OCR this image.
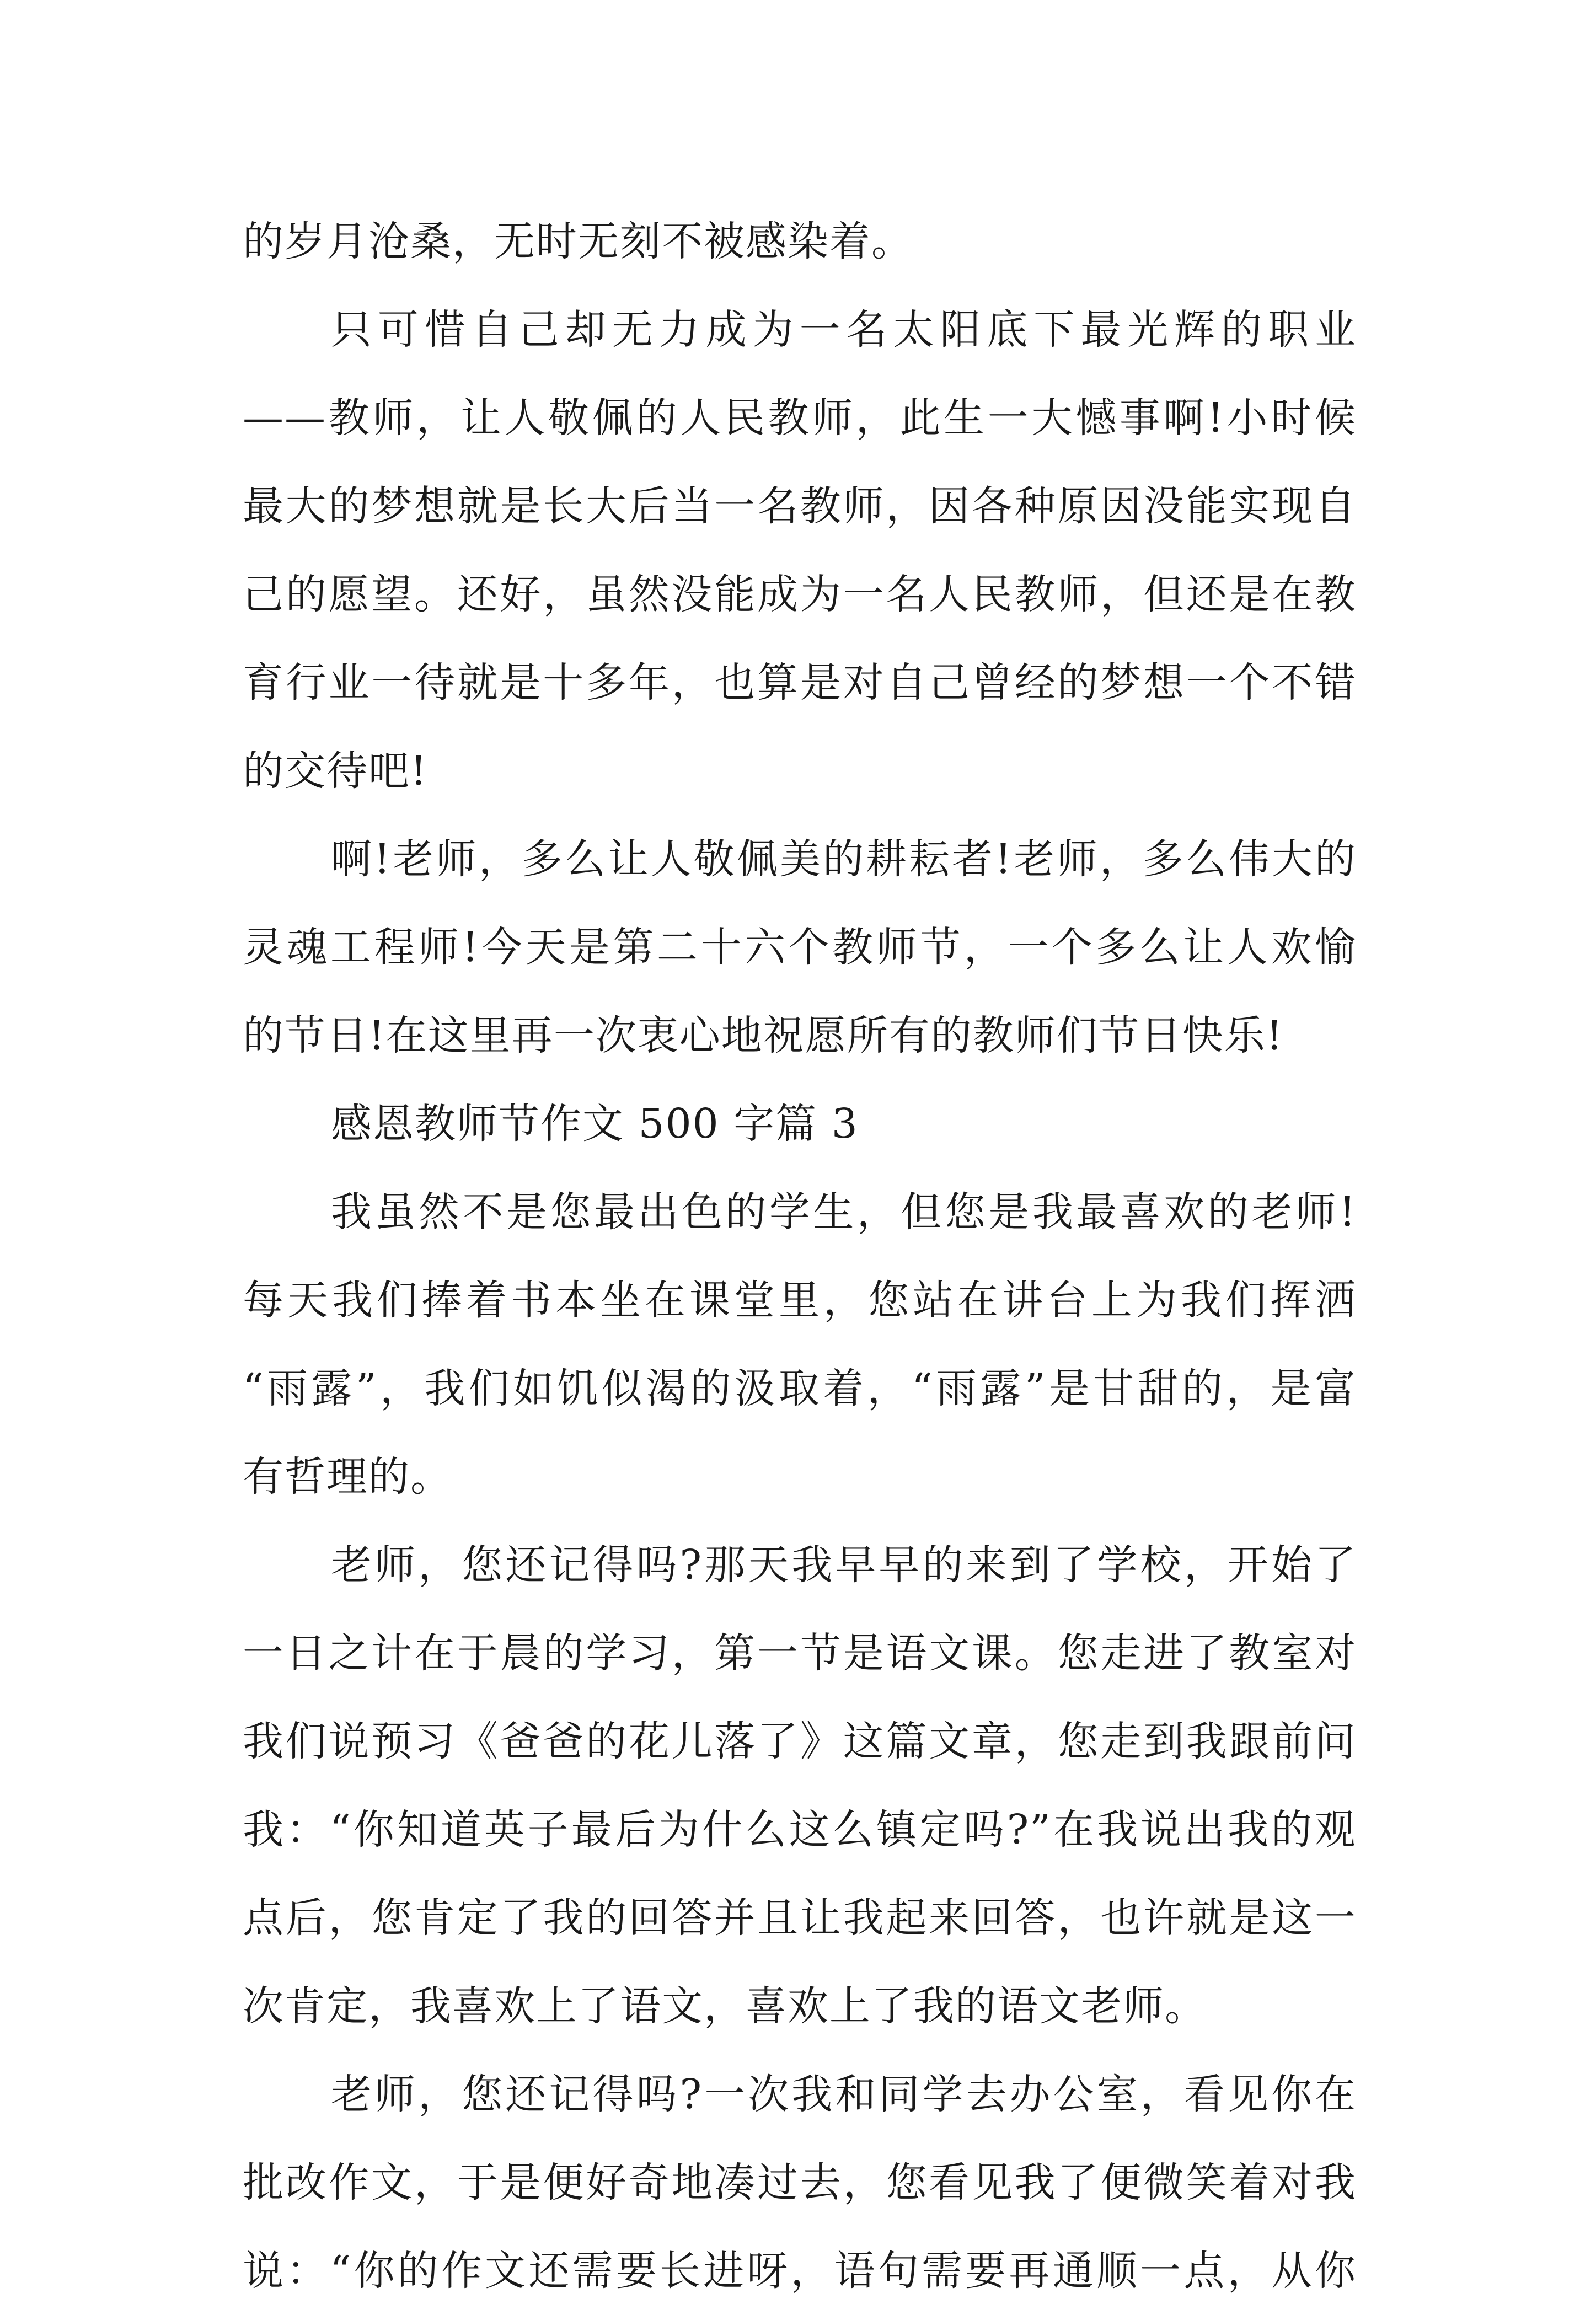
的岁月沧桑，无时无刻不被感染着。
只可惜自己却无力成为一名太阳底下最光辉的职业
——教师，让人敬佩的人民教师，此生一大憾事啊!小时候
最大的梦想就是长大后当一名教师，因各种原因没能实现自
己的愿望。还好，虽然没能成为一名人民教师，但还是在教
育行业一待就是十多年，也算是对自己曾经的梦想一个不错
的交待吧!
啊!老师，多么让人敬佩美的耕耘者!老师，多么伟大的
灵魂工程师!今天是第二十六个教师节，一个多么让人欢愉
的节日!在这里再一次衷心地祝愿所有的教师们节日快乐!
感恩教师节作文 500 字篇 3
我虽然不是您最出色的学生，但您是我最喜欢的老师!
每天我们捧着书本坐在课堂里，您站在讲台上为我们挥洒
“雨露”，我们如饥似渴的汲取着，“雨露”是甘甜的，是富
有哲理的。
老师，您还记得吗?那天我早早的来到了学校，开始了
一日之计在于晨的学习，第一节是语文课。您走进了教室对
我们说预习《爸爸的花儿落了》这篇文章，您走到我跟前问
我：“你知道英子最后为什么这么镇定吗?”在我说出我的观
点后，您肯定了我的回答并且让我起来回答，也许就是这一
次肯定，我喜欢上了语文，喜欢上了我的语文老师。
老师，您还记得吗?一次我和同学去办公室，看见你在
批改作文，于是便好奇地凑过去，您看见我了便微笑着对我
说：“你的作文还需要长进呀，语句需要再通顺一点，从你
